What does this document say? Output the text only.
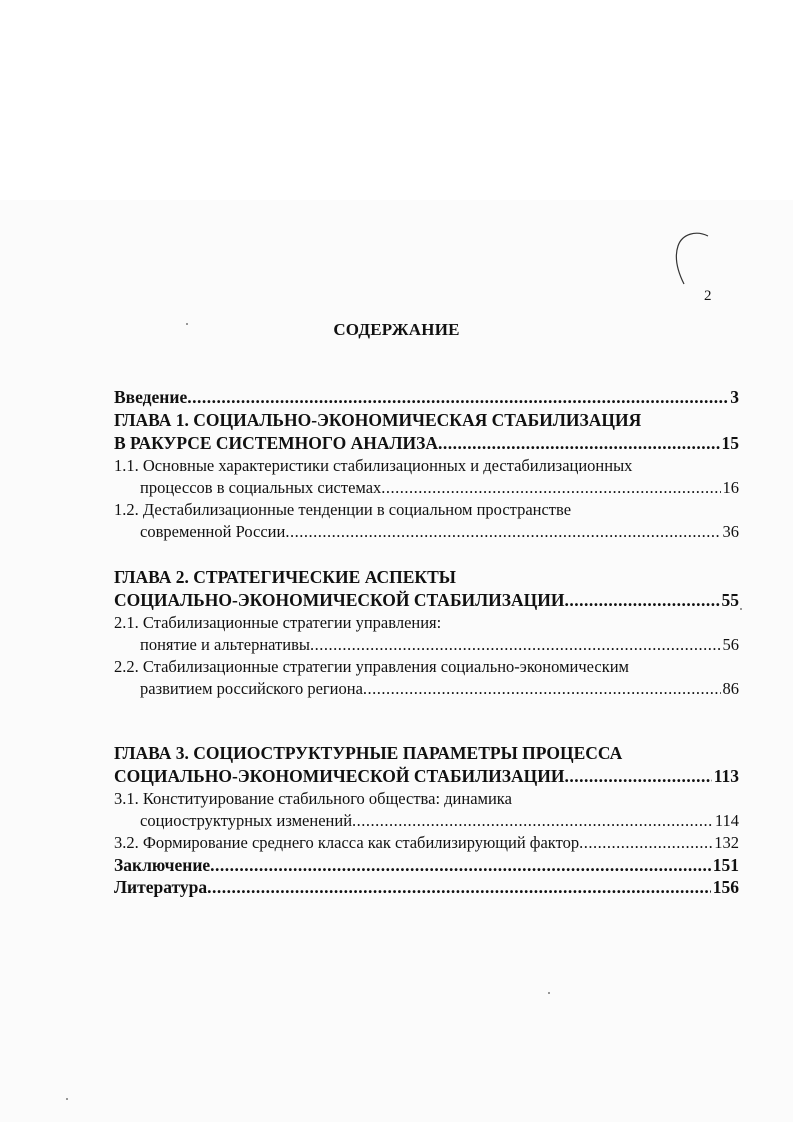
2
СОДЕРЖАНИЕ
Введение .....	3
ГЛАВА 1. СОЦИАЛЬНО-ЭКОНОМИЧЕСКАЯ СТАБИЛИЗАЦИЯ
В РАКУРСЕ СИСТЕМНОГО АНАЛИЗА .....	15
1.1. Основные характеристики стабилизационных и дестабилизационных
процессов в социальных системах .....	16
1.2. Дестабилизационные тенденции в социальном пространстве
современной России .....	36
ГЛАВА 2. СТРАТЕГИЧЕСКИЕ АСПЕКТЫ
СОЦИАЛЬНО-ЭКОНОМИЧЕСКОЙ СТАБИЛИЗАЦИИ .....	55
2.1. Стабилизационные стратегии управления:
понятие и альтернативы .....	56
2.2. Стабилизационные стратегии управления социально-экономическим
развитием российского региона .....	86
ГЛАВА 3. СОЦИОСТРУКТУРНЫЕ ПАРАМЕТРЫ ПРОЦЕССА
СОЦИАЛЬНО-ЭКОНОМИЧЕСКОЙ СТАБИЛИЗАЦИИ .....	113
3.1. Конституирование стабильного общества: динамика
социоструктурных изменений .....	114
3.2. Формирование среднего класса как стабилизирующий фактор .....	132
Заключение .....	151
Литература .....	156
